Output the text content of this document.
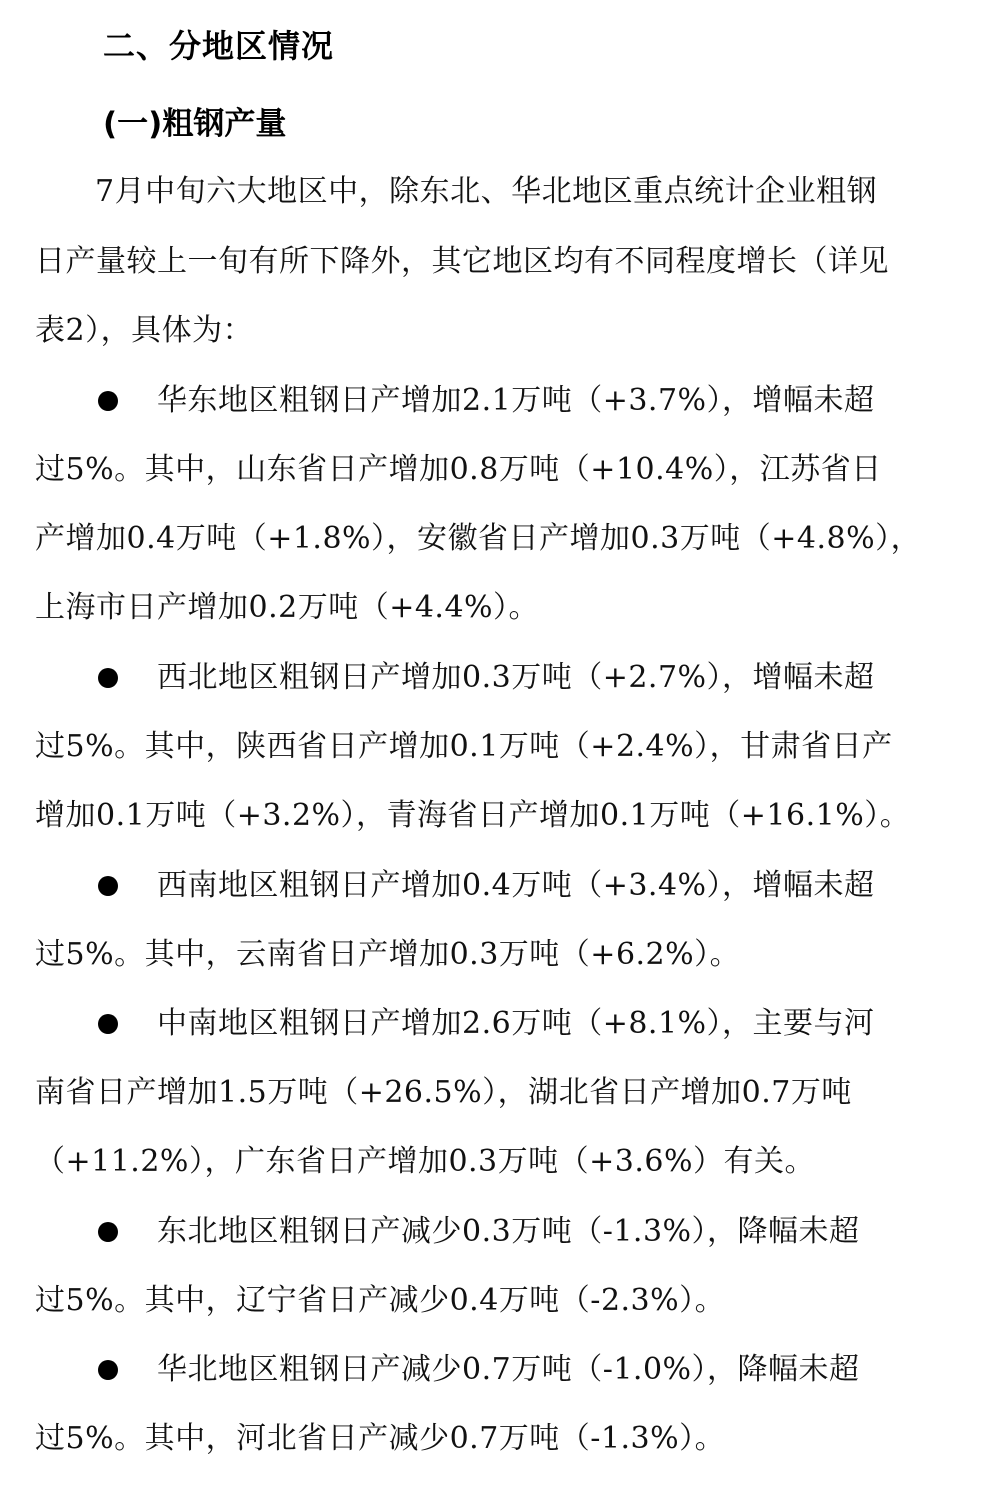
二、分地区情况
(一)粗钢产量
7月中旬六大地区中，除东北、华北地区重点统计企业粗钢
日产量较上一旬有所下降外，其它地区均有不同程度增长（详见
表2），具体为：
华东地区粗钢日产增加2.1万吨（+3.7%），增幅未超
过5%。其中，山东省日产增加0.8万吨（+10.4%），江苏省日
产增加0.4万吨（+1.8%），安徽省日产增加0.3万吨（+4.8%），
上海市日产增加0.2万吨（+4.4%）。
西北地区粗钢日产增加0.3万吨（+2.7%），增幅未超
过5%。其中，陕西省日产增加0.1万吨（+2.4%），甘肃省日产
增加0.1万吨（+3.2%），青海省日产增加0.1万吨（+16.1%）。
西南地区粗钢日产增加0.4万吨（+3.4%），增幅未超
过5%。其中，云南省日产增加0.3万吨（+6.2%）。
中南地区粗钢日产增加2.6万吨（+8.1%），主要与河
南省日产增加1.5万吨（+26.5%），湖北省日产增加0.7万吨
（+11.2%），广东省日产增加0.3万吨（+3.6%）有关。
东北地区粗钢日产减少0.3万吨（-1.3%），降幅未超
过5%。其中，辽宁省日产减少0.4万吨（-2.3%）。
华北地区粗钢日产减少0.7万吨（-1.0%），降幅未超
过5%。其中，河北省日产减少0.7万吨（-1.3%）。
